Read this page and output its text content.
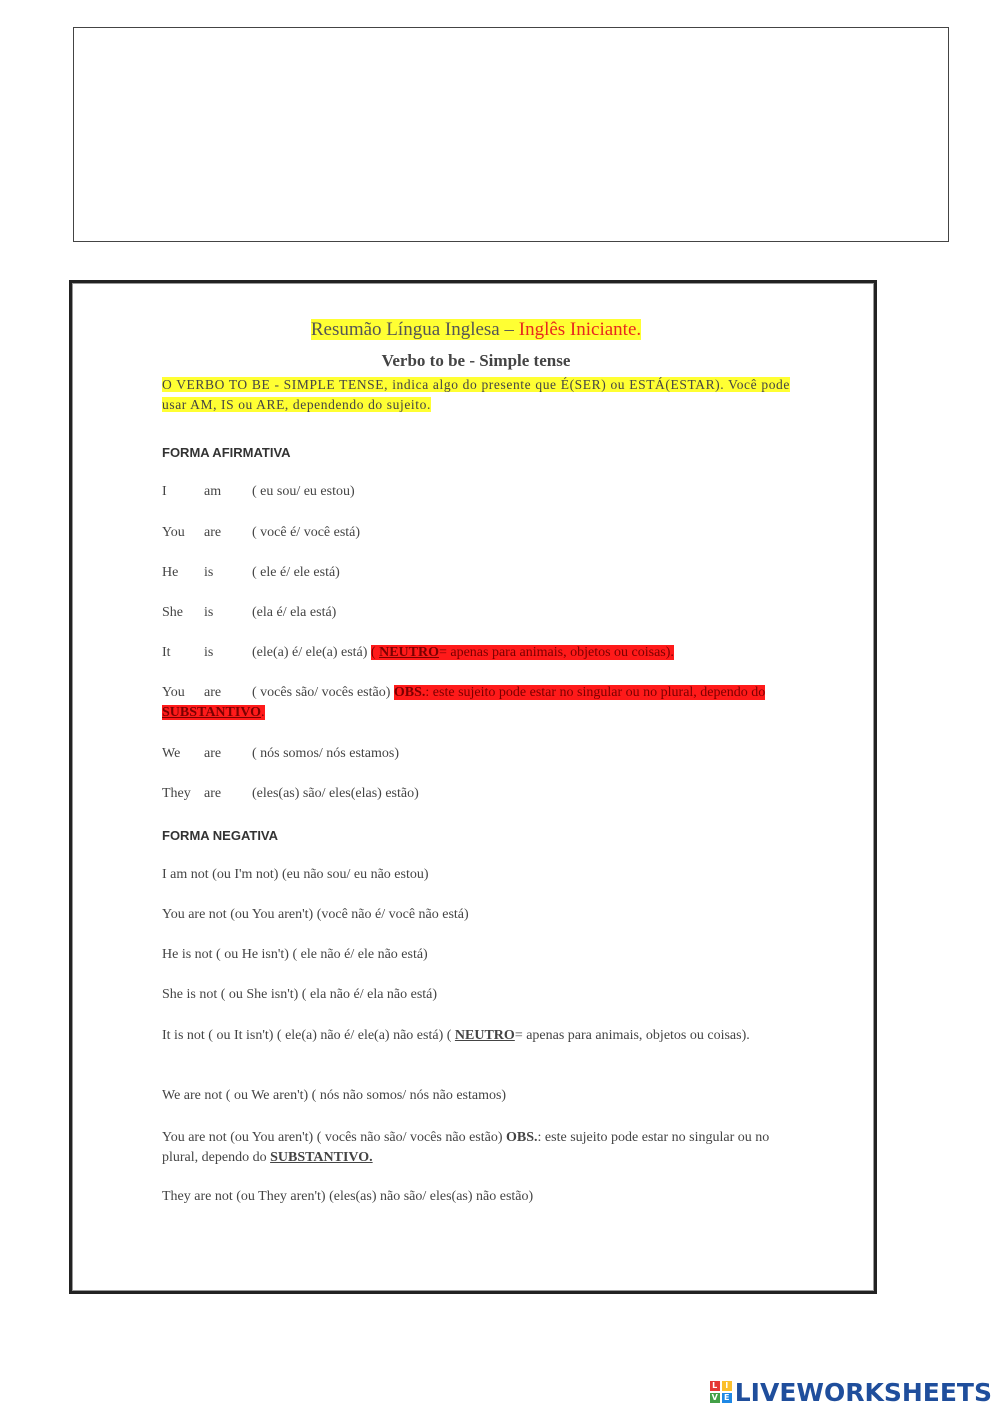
Resumão Língua Inglesa – Inglês Iniciante.
Verbo to be - Simple tense
O VERBO TO BE - SIMPLE TENSE, indica algo do presente que É(SER) ou ESTÁ(ESTAR). Você pode usar AM, IS ou ARE, dependendo do sujeito.
FORMA AFIRMATIVA
I	am ( eu sou/ eu estou)
You are ( você é/ você está)
He is	( ele é/ ele está)
She is	(ela é/ ela está)
It is	(ele(a) é/ ele(a) está) ( NEUTRO= apenas para animais, objetos ou coisas).
You are ( vocês são/ vocês estão) OBS.: este sujeito pode estar no singular ou no plural, dependo do SUBSTANTIVO.
We are ( nós somos/ nós estamos)
They are (eles(as) são/ eles(elas) estão)
FORMA NEGATIVA
I am not (ou I'm not) (eu não sou/ eu não estou)
You are not (ou You aren't) (você não é/ você não está)
He is not ( ou He isn't) ( ele não é/ ele não está)
She is not ( ou She isn't) ( ela não é/ ela não está)
It is not ( ou It isn't) ( ele(a) não é/ ele(a) não está) ( NEUTRO= apenas para animais, objetos ou coisas).
We are not ( ou We aren't) ( nós não somos/ nós não estamos)
You are not (ou You aren't) ( vocês não são/ vocês não estão) OBS.: este sujeito pode estar no singular ou no plural, dependo do SUBSTANTIVO.
They are not (ou They aren't) (eles(as) não são/ eles(as) não estão)
L I
V E LIVEWORKSHEETS
